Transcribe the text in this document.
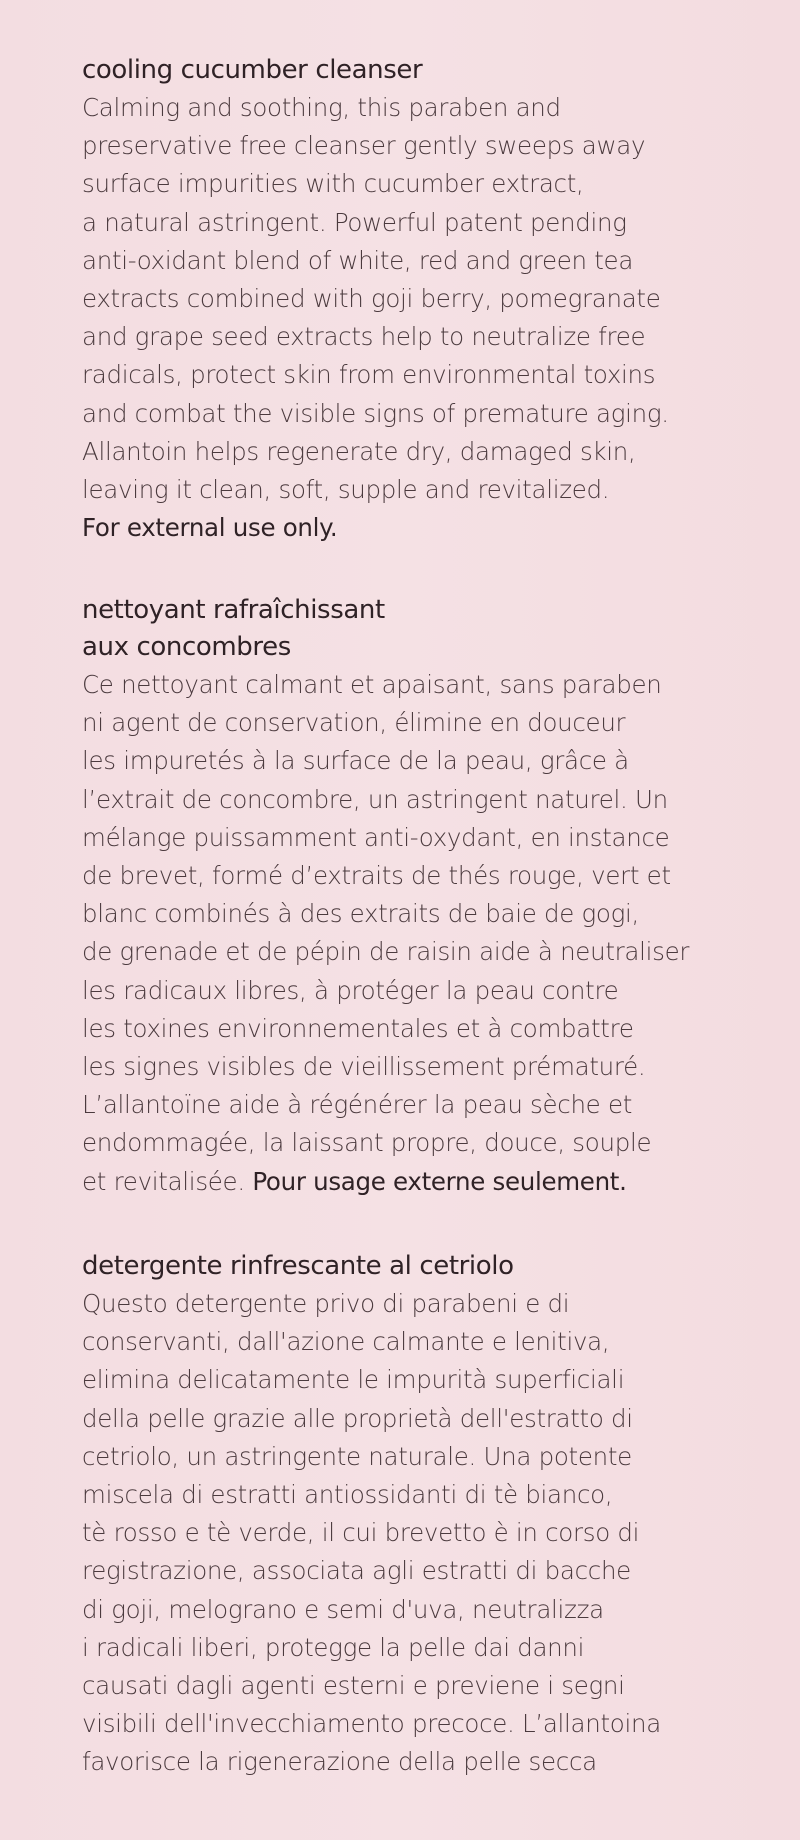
cooling cucumber cleanser

Calming and soothing, this paraben and
preservative free cleanser gently sweeps away
surface impurities with cucumber extract,
a natural astringent. Powerful patent pending
anti-oxidant blend of white, red and green tea
extracts combined with goji berry, pomegranate
and grape seed extracts help to neutralize free
radicals, protect skin from environmental toxins
and combat the visible signs of premature aging.
Allantoin helps regenerate dry, damaged skin,
leaving it clean, soft, supple and revitalized.
For external use only.

nettoyant rafraîchissant
aux concombres

Ce nettoyant calmant et apaisant, sans paraben
ni agent de conservation, élimine en douceur
les impuretés à la surface de la peau, grâce à
l’extrait de concombre, un astringent naturel. Un
mélange puissamment anti-oxydant, en instance
de brevet, formé d’extraits de thés rouge, vert et
blanc combinés à des extraits de baie de gogi,
de grenade et de pépin de raisin aide à neutraliser
les radicaux libres, à protéger la peau contre
les toxines environnementales et à combattre
les signes visibles de vieillissement prématuré.
L’allantoïne aide à régénérer la peau sèche et
endommagée, la laissant propre, douce, souple
et revitalisée. Pour usage externe seulement.

detergente rinfrescante al cetriolo

Questo detergente privo di parabeni e di
conservanti, dall'azione calmante e lenitiva,
elimina delicatamente le impurità superficiali
della pelle grazie alle proprietà dell'estratto di
cetriolo, un astringente naturale. Una potente
miscela di estratti antiossidanti di tè bianco,
tè rosso e tè verde, il cui brevetto è in corso di
registrazione, associata agli estratti di bacche
di goji, melograno e semi d'uva, neutralizza
i radicali liberi, protegge la pelle dai danni
causati dagli agenti esterni e previene i segni
visibili dell'invecchiamento precoce. L’allantoina
favorisce la rigenerazione della pelle secca
